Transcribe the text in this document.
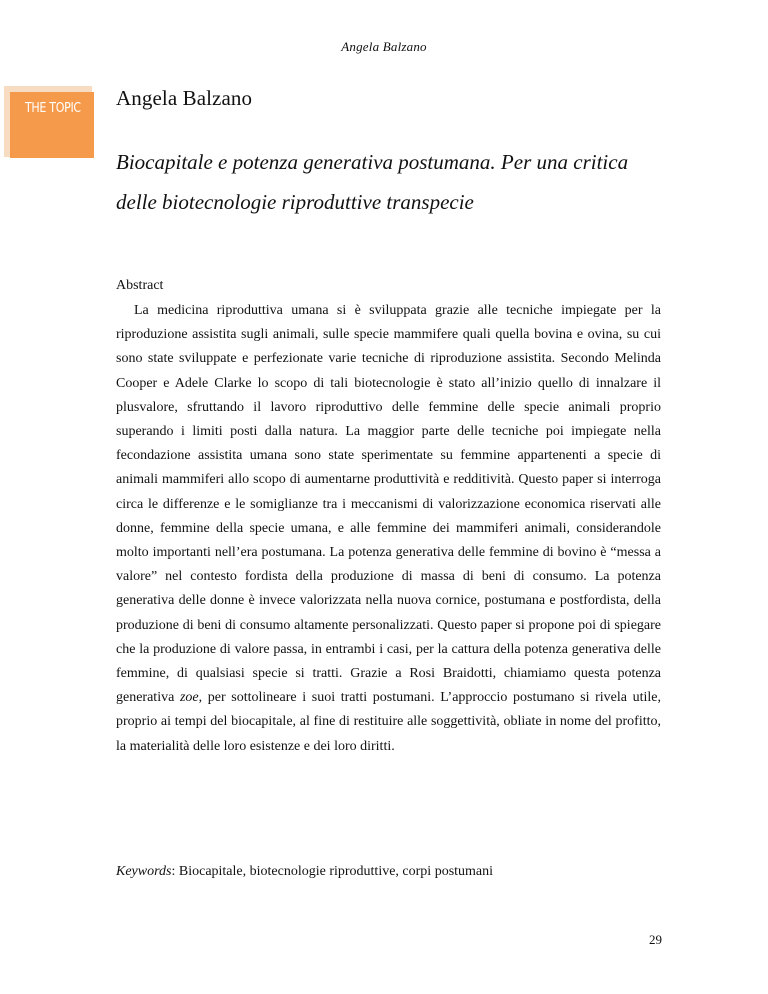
Angela Balzano
THE TOPIC Angela Balzano
Biocapitale e potenza generativa postumana. Per una critica
delle biotecnologie riproduttive transpecie
Abstract

La medicina riproduttiva umana si è sviluppata grazie alle tecniche impiegate per la riproduzione assistita sugli animali, sulle specie mammifere quali quella bovina e ovina, su cui sono state sviluppate e perfezionate varie tecniche di riproduzione assistita. Secondo Melinda Cooper e Adele Clarke lo scopo di tali biotecnologie è stato all’inizio quello di innalzare il plusvalore, sfruttando il lavoro riproduttivo delle femmine delle specie animali proprio superando i limiti posti dalla natura. La maggior parte delle tecniche poi impiegate nella fecondazione assistita umana sono state sperimentate su femmine appartenenti a specie di animali mammiferi allo scopo di aumentarne produttività e redditività. Questo paper si interroga circa le differenze e le somiglianze tra i meccanismi di valorizzazione economica riservati alle donne, femmine della specie umana, e alle femmine dei mammiferi animali, considerandole molto importanti nell’era postumana. La potenza generativa delle femmine di bovino è “messa a valore” nel contesto fordista della produzione di massa di beni di consumo. La potenza generativa delle donne è invece valorizzata nella nuova cornice, postumana e postfordista, della produzione di beni di consumo altamente personalizzati. Questo paper si propone poi di spiegare che la produzione di valore passa, in entrambi i casi, per la cattura della potenza generativa delle femmine, di qualsiasi specie si tratti. Grazie a Rosi Braidotti, chiamiamo questa potenza generativa zoe, per sottolineare i suoi tratti postumani. L’approccio postumano si rivela utile, proprio ai tempi del biocapitale, al fine di restituire alle soggettività, obliate in nome del profitto, la materialità delle loro esistenze e dei loro diritti.

Keywords: Biocapitale, biotecnologie riproduttive, corpi postumani
29
